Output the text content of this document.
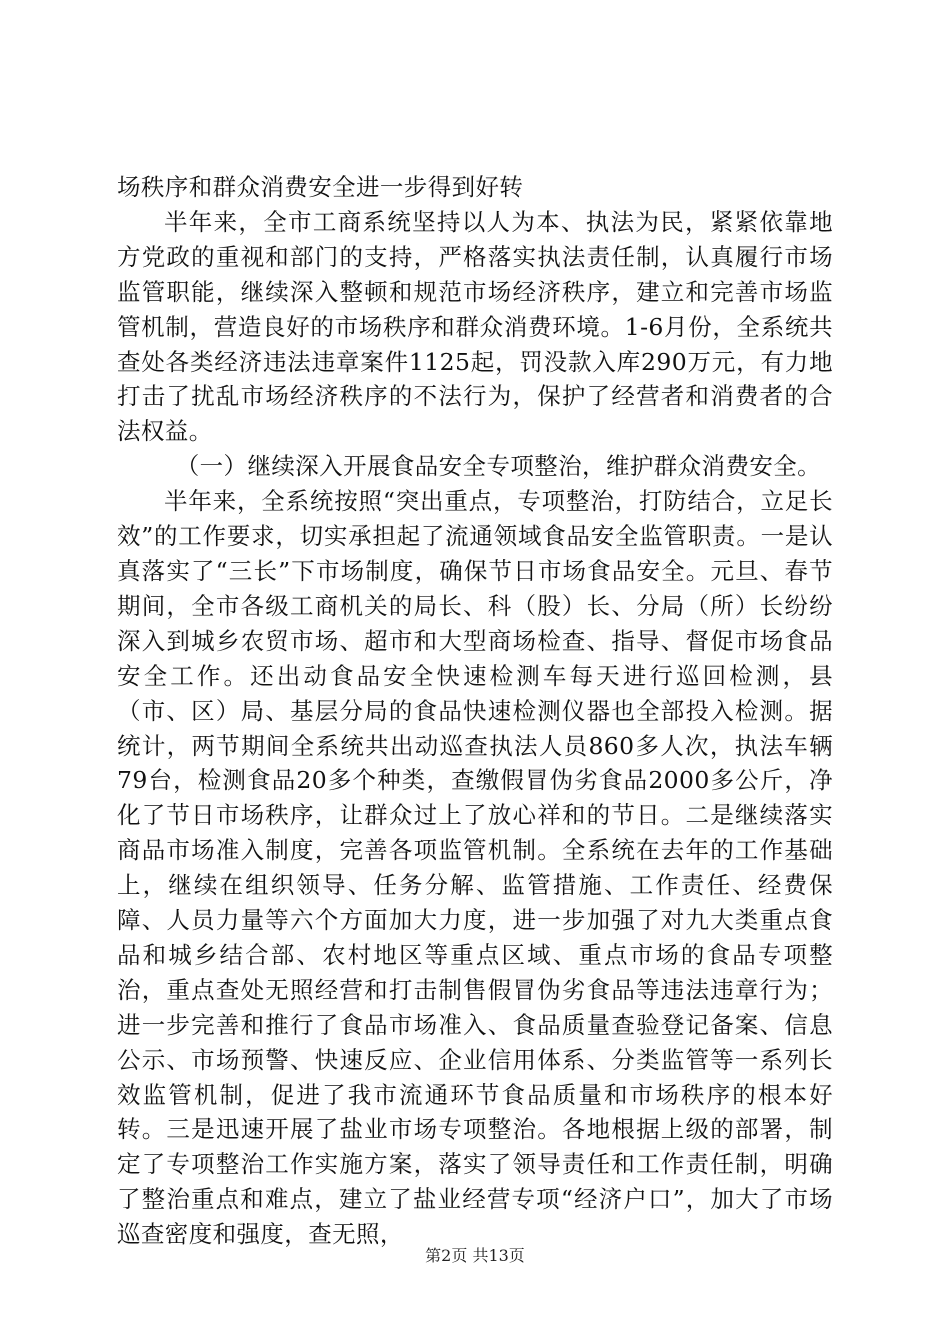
场秩序和群众消费安全进一步得到好转

半年来，全市工商系统坚持以人为本、执法为民，紧紧依靠地方党政的重视和部门的支持，严格落实执法责任制，认真履行市场监管职能，继续深入整顿和规范市场经济秩序，建立和完善市场监管机制，营造良好的市场秩序和群众消费环境。1-6月份，全系统共查处各类经济违法违章案件1125起，罚没款入库290万元，有力地打击了扰乱市场经济秩序的不法行为，保护了经营者和消费者的合法权益。

（一）继续深入开展食品安全专项整治，维护群众消费安全。

半年来，全系统按照“突出重点，专项整治，打防结合，立足长效”的工作要求，切实承担起了流通领域食品安全监管职责。一是认真落实了“三长”下市场制度，确保节日市场食品安全。元旦、春节期间，全市各级工商机关的局长、科（股）长、分局（所）长纷纷深入到城乡农贸市场、超市和大型商场检查、指导、督促市场食品安全工作。还出动食品安全快速检测车每天进行巡回检测，县（市、区）局、基层分局的食品快速检测仪器也全部投入检测。据统计，两节期间全系统共出动巡查执法人员860多人次，执法车辆79台，检测食品20多个种类，查缴假冒伪劣食品2000多公斤，净化了节日市场秩序，让群众过上了放心祥和的节日。二是继续落实商品市场准入制度，完善各项监管机制。全系统在去年的工作基础上，继续在组织领导、任务分解、监管措施、工作责任、经费保障、人员力量等六个方面加大力度，进一步加强了对九大类重点食品和城乡结合部、农村地区等重点区域、重点市场的食品专项整治，重点查处无照经营和打击制售假冒伪劣食品等违法违章行为；进一步完善和推行了食品市场准入、食品质量查验登记备案、信息公示、市场预警、快速反应、企业信用体系、分类监管等一系列长效监管机制，促进了我市流通环节食品质量和市场秩序的根本好转。三是迅速开展了盐业市场专项整治。各地根据上级的部署，制定了专项整治工作实施方案，落实了领导责任和工作责任制，明确了整治重点和难点，建立了盐业经营专项“经济户口”，加大了市场巡查密度和强度，查无照，

第2页 共13页
